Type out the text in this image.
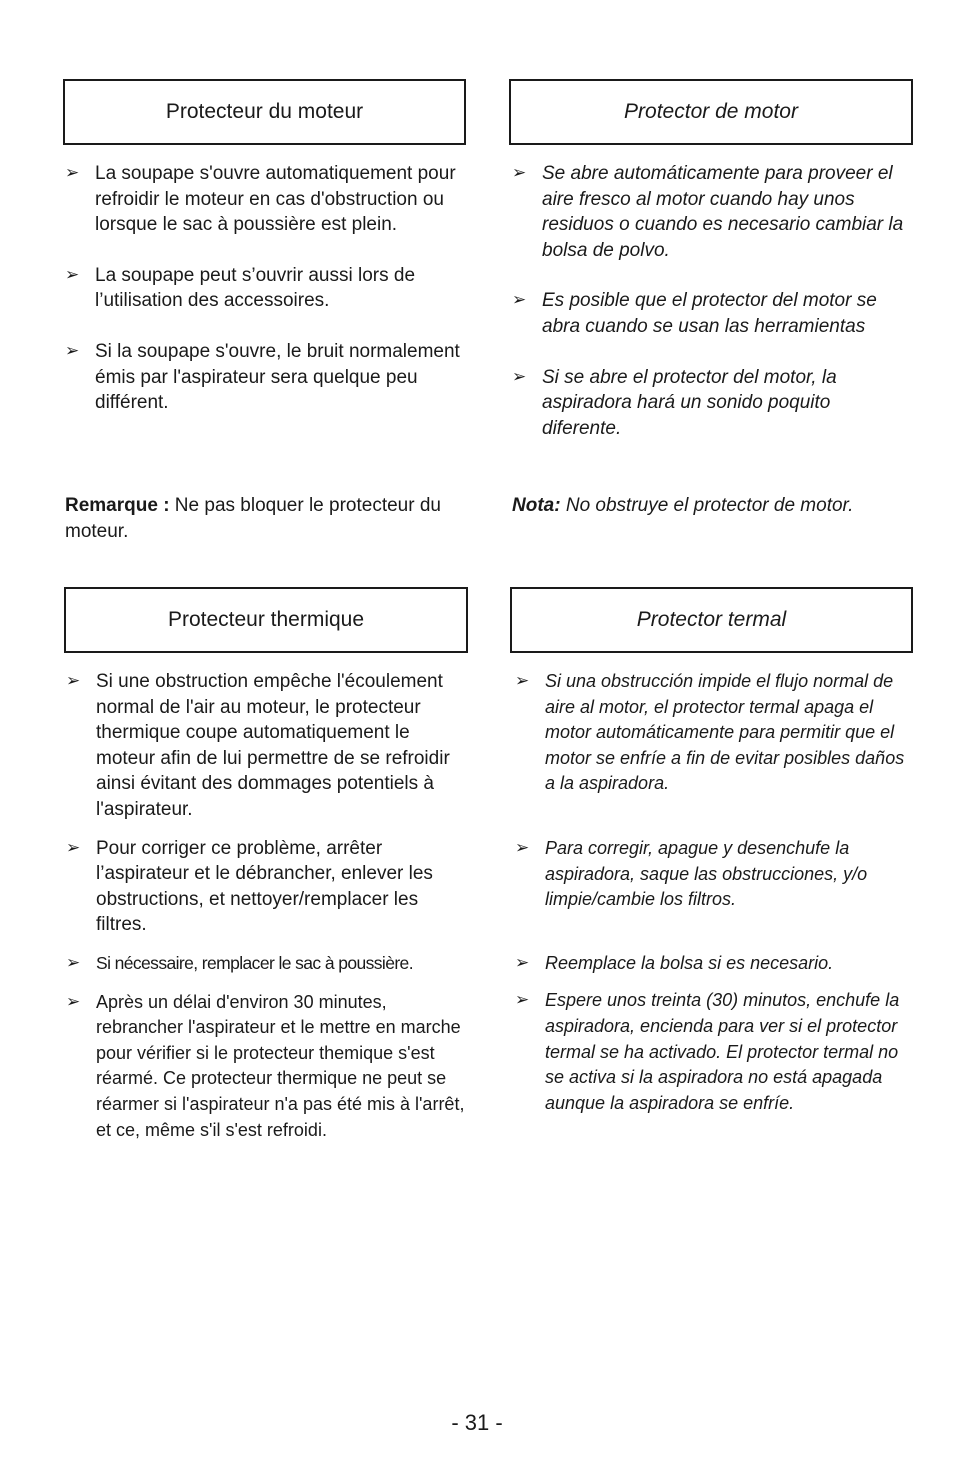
Protecteur du moteur
➢ La soupape s'ouvre automatiquement pour refroidir le moteur en cas d'obstruction ou lorsque le sac à poussière est plein.
➢ La soupape peut s’ouvrir aussi lors de l’utilisation des accessoires.
➢ Si la soupape s'ouvre, le bruit normalement émis par l'aspirateur sera quelque peu différent.

Remarque : Ne pas bloquer le protecteur du moteur.

Protector de motor
➢ Se abre automáticamente para proveer el aire fresco al motor cuando hay unos residuos o cuando es necesario cambiar la bolsa de polvo.
➢ Es posible que el protector del motor se abra cuando se usan las herramientas
➢ Si se abre el protector del motor, la aspiradora hará un sonido poquito diferente.

Nota: No obstruye el protector de motor.

Protecteur thermique
➢ Si une obstruction empêche l'écoulement normal de l'air au moteur, le protecteur thermique coupe automatiquement le moteur afin de lui permettre de se refroidir ainsi évitant des dommages potentiels à l'aspirateur.
➢ Pour corriger ce problème, arrêter l’aspirateur et le débrancher, enlever les obstructions, et nettoyer/remplacer les filtres.
➢ Si nécessaire, remplacer le sac à poussière.
➢ Après un délai d'environ 30 minutes, rebrancher l'aspirateur et le mettre en marche pour vérifier si le protecteur themique s'est réarmé. Ce protecteur thermique ne peut se réarmer si l'aspirateur n'a pas été mis à l'arrêt, et ce, même s'il s'est refroidi.
Protector termal
➢ Si una obstrucción impide el flujo normal de aire al motor, el protector termal apaga el motor automáticamente para permitir que el motor se enfríe a fin de evitar posibles daños a la aspiradora.
➢ Para corregir, apague y desenchufe la aspiradora, saque las obstrucciones, y/o limpie/cambie los filtros.
➢ Reemplace la bolsa si es necesario.
➢ Espere unos treinta (30) minutos, enchufe la aspiradora, encienda para ver si el protector termal se ha activado. El protector termal no se activa si la aspiradora no está apagada aunque la aspiradora se enfríe.
- 31 -
